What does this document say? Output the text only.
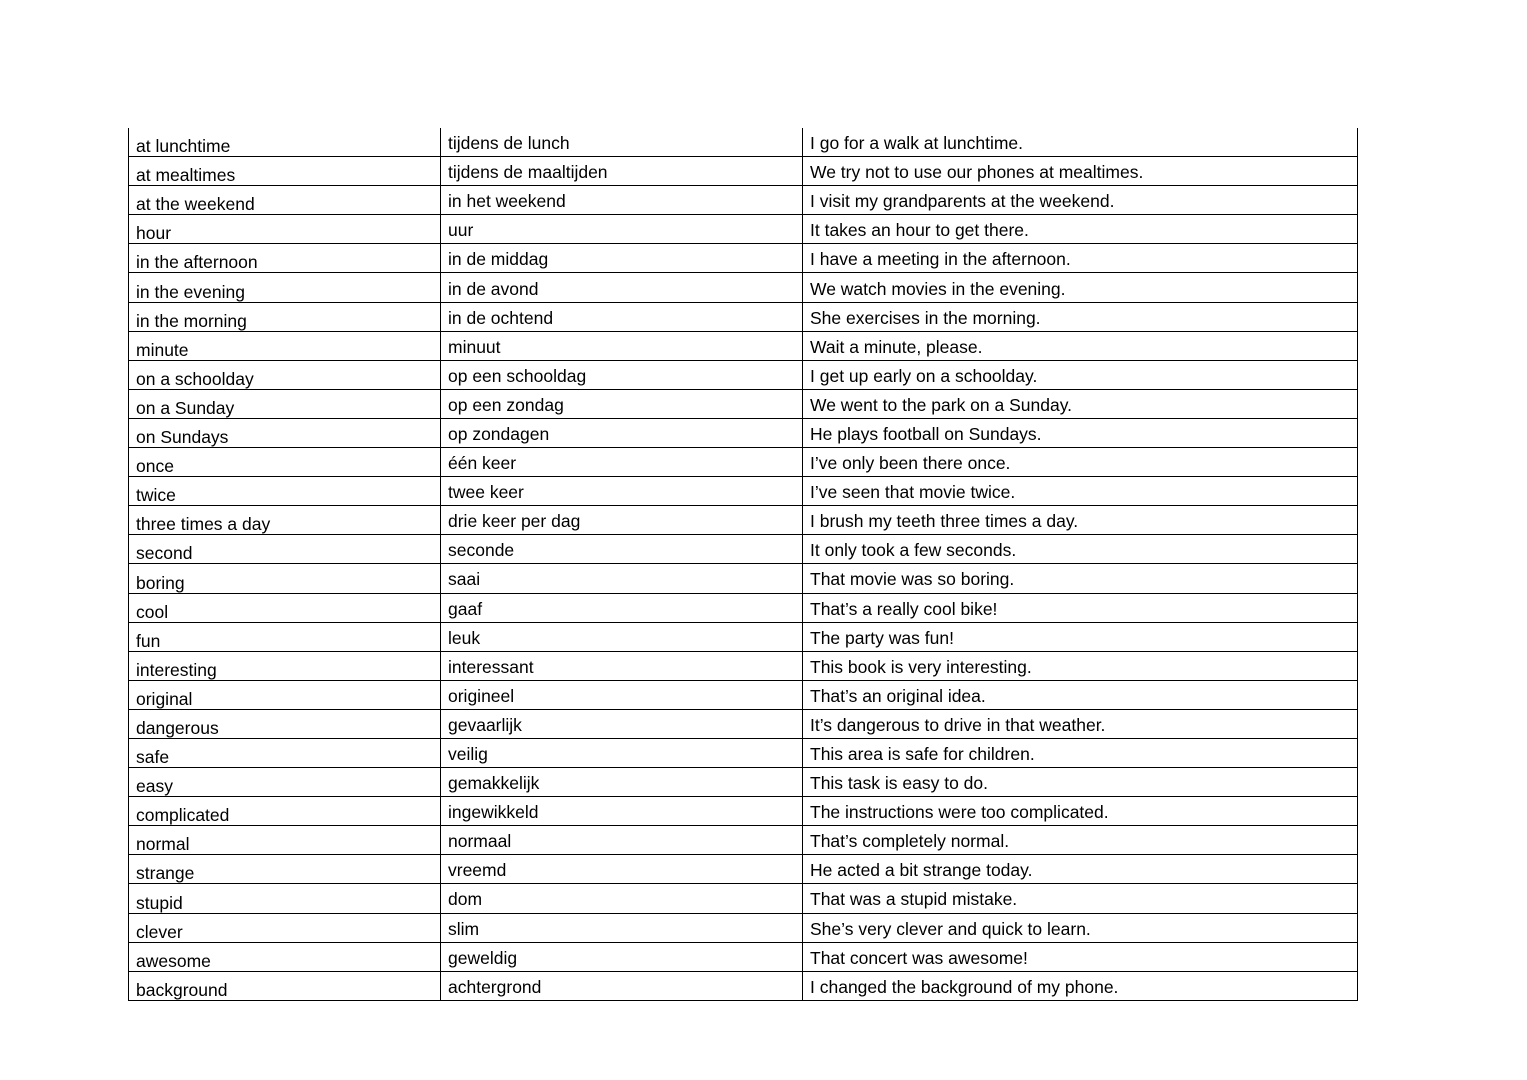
at lunchtime	tijdens de lunch	I go for a walk at lunchtime.
at mealtimes	tijdens de maaltijden	We try not to use our phones at mealtimes.
at the weekend	in het weekend	I visit my grandparents at the weekend.
hour	uur	It takes an hour to get there.
in the afternoon	in de middag	I have a meeting in the afternoon.
in the evening	in de avond	We watch movies in the evening.
in the morning	in de ochtend	She exercises in the morning.
minute	minuut	Wait a minute, please.
on a schoolday	op een schooldag	I get up early on a schoolday.
on a Sunday	op een zondag	We went to the park on a Sunday.
on Sundays	op zondagen	He plays football on Sundays.
once	één keer	I’ve only been there once.
twice	twee keer	I’ve seen that movie twice.
three times a day	drie keer per dag	I brush my teeth three times a day.
second	seconde	It only took a few seconds.
boring	saai	That movie was so boring.
cool	gaaf	That’s a really cool bike!
fun	leuk	The party was fun!
interesting	interessant	This book is very interesting.
original	origineel	That’s an original idea.
dangerous	gevaarlijk	It’s dangerous to drive in that weather.
safe	veilig	This area is safe for children.
easy	gemakkelijk	This task is easy to do.
complicated	ingewikkeld	The instructions were too complicated.
normal	normaal	That’s completely normal.
strange	vreemd	He acted a bit strange today.
stupid	dom	That was a stupid mistake.
clever	slim	She’s very clever and quick to learn.
awesome	geweldig	That concert was awesome!
background	achtergrond	I changed the background of my phone.
